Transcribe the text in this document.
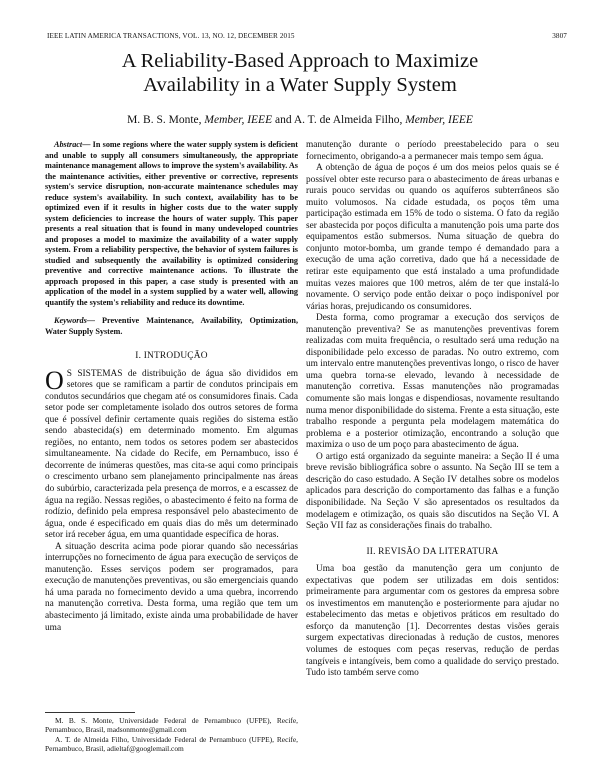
IEEE LATIN AMERICA TRANSACTIONS, VOL. 13, NO. 12, DECEMBER 2015	3807
A Reliability-Based Approach to Maximize
Availability in a Water Supply System
M. B. S. Monte, Member, IEEE and A. T. de Almeida Filho, Member, IEEE

Abstract— In some regions where the water supply system is deficient and unable to supply all consumers simultaneously, the appropriate maintenance management allows to improve the system's availability. As the maintenance activities, either preventive or corrective, represents system's service disruption, non-accurate maintenance schedules may reduce system's availability. In such context, availability has to be optimized even if it results in higher costs due to the water supply system deficiencies to increase the hours of water supply. This paper presents a real situation that is found in many undeveloped countries and proposes a model to maximize the availability of a water supply system. From a reliability perspective, the behavior of system failures is studied and subsequently the availability is optimized considering preventive and corrective maintenance actions. To illustrate the approach proposed in this paper, a case study is presented with an application of the model in a system supplied by a water well, allowing quantify the system's reliability and reduce its downtime.

Keywords— Preventive Maintenance, Availability, Optimization, Water Supply System.

I. INTRODUÇÃO

O S SISTEMAS de distribuição de água são divididos em setores que se ramificam a partir de condutos principais em condutos secundários que chegam até os consumidores finais. Cada setor pode ser completamente isolado dos outros setores de forma que é possível definir certamente quais regiões do sistema estão sendo abastecida(s) em determinado momento. Em algumas regiões, no entanto, nem todos os setores podem ser abastecidos simultaneamente. Na cidade do Recife, em Pernambuco, isso é decorrente de inúmeras questões, mas cita-se aqui como principais o crescimento urbano sem planejamento principalmente nas áreas do subúrbio, caracterizada pela presença de morros, e a escassez de água na região. Nessas regiões, o abastecimento é feito na forma de rodízio, definido pela empresa responsável pelo abastecimento de água, onde é especificado em quais dias do mês um determinado setor irá receber água, em uma quantidade específica de horas.

A situação descrita acima pode piorar quando são necessárias interrupções no fornecimento de água para execução de serviços de manutenção. Esses serviços podem ser programados, para execução de manutenções preventivas, ou são emergenciais quando há uma parada no fornecimento devido a uma quebra, incorrendo na manutenção corretiva. Desta forma, uma região que tem um abastecimento já limitado, existe ainda uma probabilidade de haver uma

M. B. S. Monte, Universidade Federal de Pernambuco (UFPE), Recife, Pernambuco, Brasil, madsonmonte@gmail.com

A. T. de Almeida Filho, Universidade Federal de Pernambuco (UFPE), Recife, Pernambuco, Brasil, adieltaf@googlemail.com

manutenção durante o período preestabelecido para o seu fornecimento, obrigando-a a permanecer mais tempo sem água.

A obtenção de água de poços é um dos meios pelos quais se é possível obter este recurso para o abastecimento de áreas urbanas e rurais pouco servidas ou quando os aquíferos subterrâneos são muito volumosos. Na cidade estudada, os poços têm uma participação estimada em 15% de todo o sistema. O fato da região ser abastecida por poços dificulta a manutenção pois uma parte dos equipamentos estão submersos. Numa situação de quebra do conjunto motor-bomba, um grande tempo é demandado para a execução de uma ação corretiva, dado que há a necessidade de retirar este equipamento que está instalado a uma profundidade muitas vezes maiores que 100 metros, além de ter que instalá-lo novamente. O serviço pode então deixar o poço indisponível por várias horas, prejudicando os consumidores.

Desta forma, como programar a execução dos serviços de manutenção preventiva? Se as manutenções preventivas forem realizadas com muita frequência, o resultado será uma redução na disponibilidade pelo excesso de paradas. No outro extremo, com um intervalo entre manutenções preventivas longo, o risco de haver uma quebra torna-se elevado, levando à necessidade de manutenção corretiva. Essas manutenções não programadas comumente são mais longas e dispendiosas, novamente resultando numa menor disponibilidade do sistema. Frente a esta situação, este trabalho responde a pergunta pela modelagem matemática do problema e a posterior otimização, encontrando a solução que maximiza o uso de um poço para abastecimento de água.

O artigo está organizado da seguinte maneira: a Seção II é uma breve revisão bibliográfica sobre o assunto. Na Seção III se tem a descrição do caso estudado. A Seção IV detalhes sobre os modelos aplicados para descrição do comportamento das falhas e a função disponibilidade. Na Seção V são apresentados os resultados da modelagem e otimização, os quais são discutidos na Seção VI. A Seção VII faz as considerações finais do trabalho.

II. REVISÃO DA LITERATURA

Uma boa gestão da manutenção gera um conjunto de expectativas que podem ser utilizadas em dois sentidos: primeiramente para argumentar com os gestores da empresa sobre os investimentos em manutenção e posteriormente para ajudar no estabelecimento das metas e objetivos práticos em resultado do esforço da manutenção [1]. Decorrentes destas visões gerais surgem expectativas direcionadas à redução de custos, menores volumes de estoques com peças reservas, redução de perdas tangíveis e intangíveis, bem como a qualidade do serviço prestado. Tudo isto também serve como
